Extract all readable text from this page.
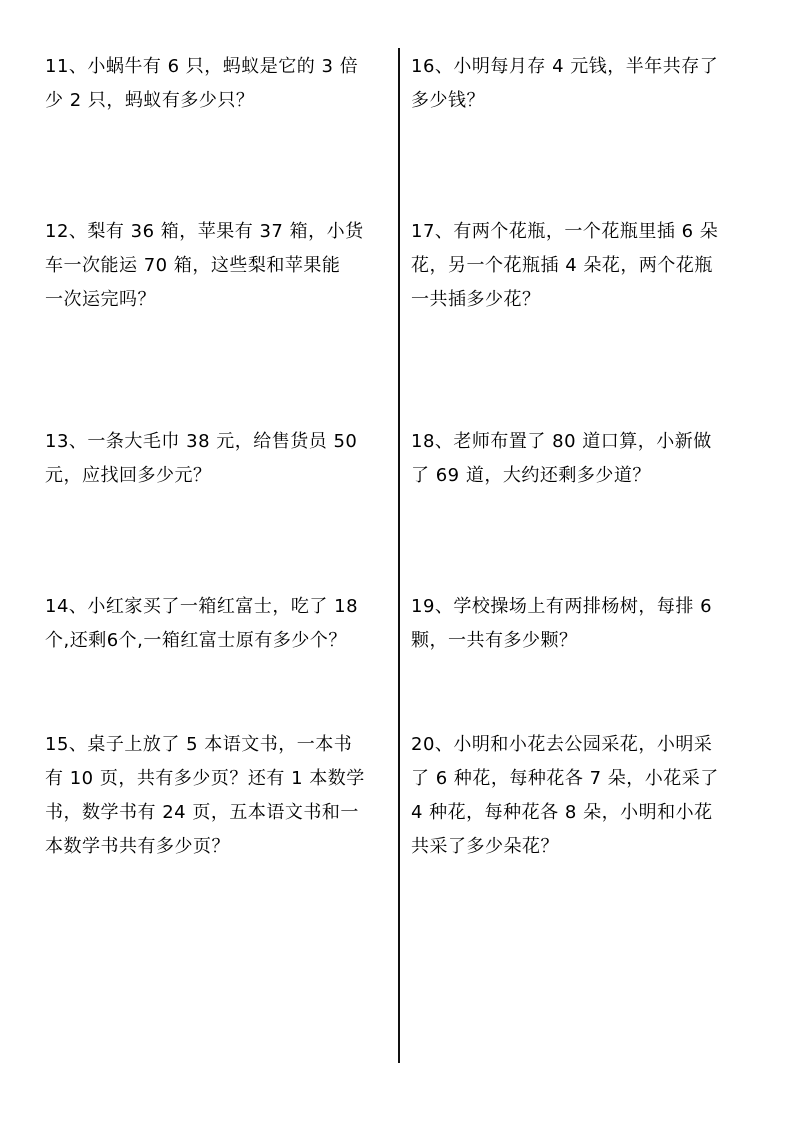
11、小蜗牛有 6 只，蚂蚁是它的 3 倍
少 2 只，蚂蚁有多少只？
12、梨有 36 箱，苹果有 37 箱，小货
车一次能运 70 箱，这些梨和苹果能
一次运完吗？
13、一条大毛巾 38 元，给售货员 50
元，应找回多少元？
14、小红家买了一箱红富士，吃了 18
个,还剩6个,一箱红富士原有多少个？
15、桌子上放了 5 本语文书，一本书
有 10 页，共有多少页？还有 1 本数学
书，数学书有 24 页，五本语文书和一
本数学书共有多少页？
16、小明每月存 4 元钱，半年共存了
多少钱？
17、有两个花瓶，一个花瓶里插 6 朵
花，另一个花瓶插 4 朵花，两个花瓶
一共插多少花？
18、老师布置了 80 道口算，小新做
了 69 道，大约还剩多少道？
19、学校操场上有两排杨树，每排 6
颗，一共有多少颗？
20、小明和小花去公园采花，小明采
了 6 种花，每种花各 7 朵，小花采了
4 种花，每种花各 8 朵，小明和小花
共采了多少朵花？
